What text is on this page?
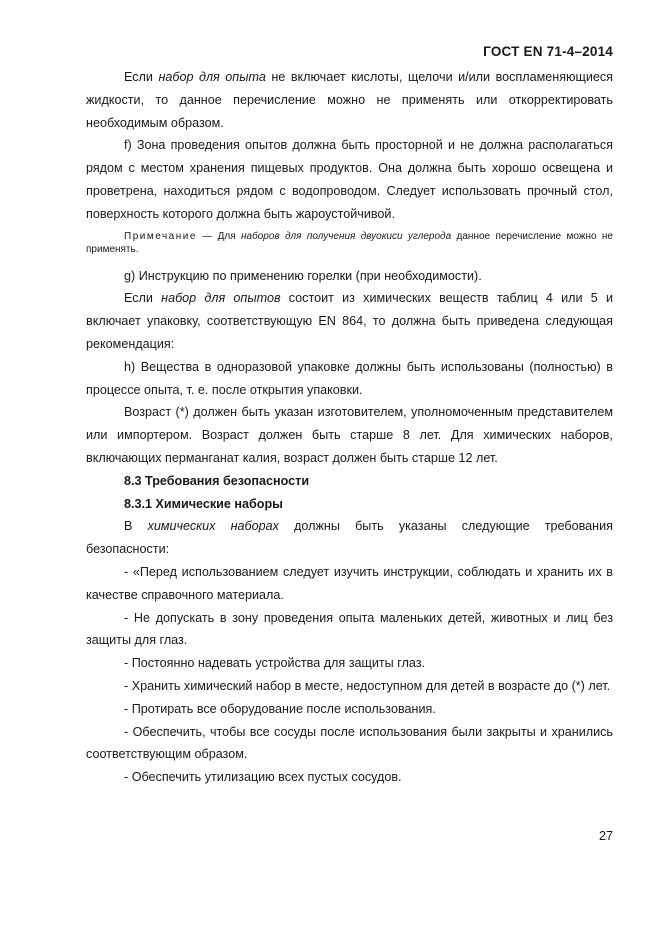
ГОСТ EN 71-4–2014

Если набор для опыта не включает кислоты, щелочи и/или воспламеняющиеся жидкости, то данное перечисление можно не применять или откорректировать необходимым образом.

f) Зона проведения опытов должна быть просторной и не должна располагаться рядом с местом хранения пищевых продуктов. Она должна быть хорошо освещена и проветрена, находиться рядом с водопроводом. Следует использовать прочный стол, поверхность которого должна быть жароустойчивой.

Примечание — Для наборов для получения двуокиси углерода данное перечисление можно не применять.

g) Инструкцию по применению горелки (при необходимости).

Если набор для опытов состоит из химических веществ таблиц 4 или 5 и включает упаковку, соответствующую EN 864, то должна быть приведена следующая рекомендация:

h) Вещества в одноразовой упаковке должны быть использованы (полностью) в процессе опыта, т. е. после открытия упаковки.

Возраст (*) должен быть указан изготовителем, уполномоченным представителем или импортером. Возраст должен быть старше 8 лет. Для химических наборов, включающих перманганат калия, возраст должен быть старше 12 лет.

8.3 Требования безопасности

8.3.1 Химические наборы

В химических наборах должны быть указаны следующие требования безопасности:

- «Перед использованием следует изучить инструкции, соблюдать и хранить их в качестве справочного материала.

- Не допускать в зону проведения опыта маленьких детей, животных и лиц без защиты для глаз.

- Постоянно надевать устройства для защиты глаз.

- Хранить химический набор в месте, недоступном для детей в возрасте до (*) лет.

- Протирать все оборудование после использования.

- Обеспечить, чтобы все сосуды после использования были закрыты и хранились соответствующим образом.

- Обеспечить утилизацию всех пустых сосудов.

27
